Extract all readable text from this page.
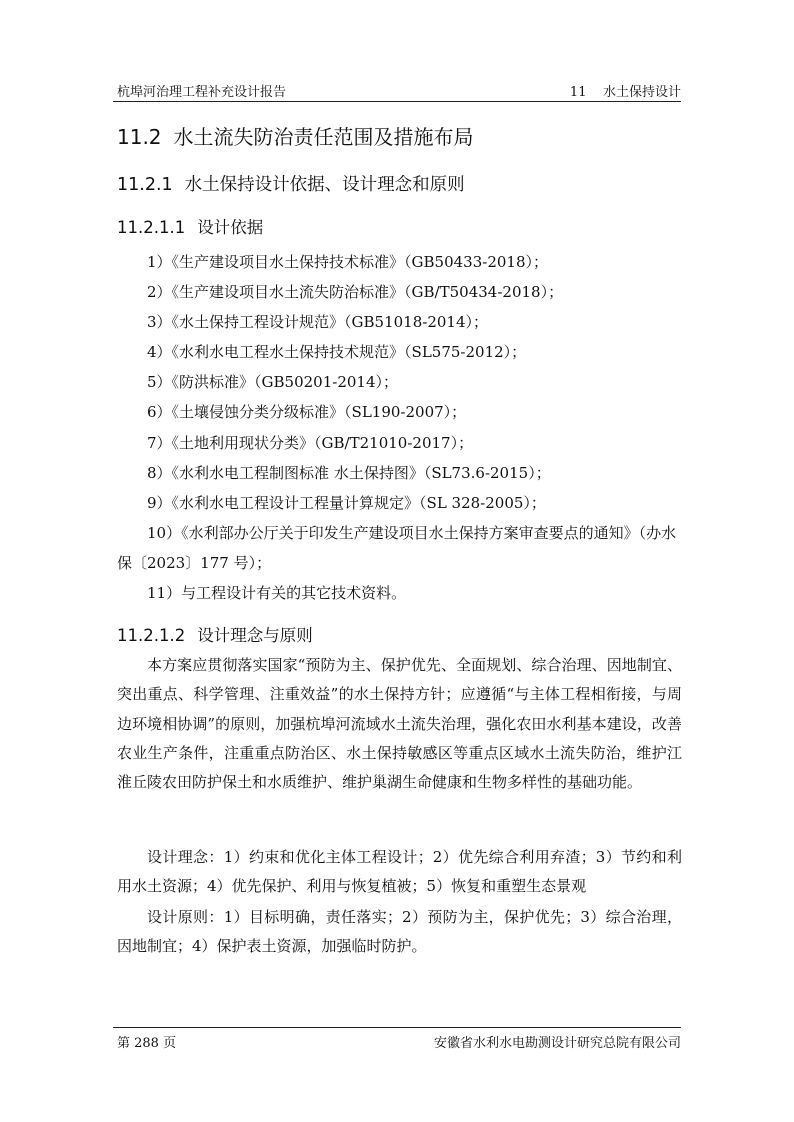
杭埠河治理工程补充设计报告	11    水土保持设计
11.2 水土流失防治责任范围及措施布局
11.2.1 水土保持设计依据、设计理念和原则
11.2.1.1 设计依据
1）《生产建设项目水土保持技术标准》（GB50433-2018）；
2）《生产建设项目水土流失防治标准》（GB/T50434-2018）；
3）《水土保持工程设计规范》（GB51018-2014）；
4）《水利水电工程水土保持技术规范》（SL575-2012）；
5）《防洪标准》（GB50201-2014）；
6）《土壤侵蚀分类分级标准》（SL190-2007）；
7）《土地利用现状分类》（GB/T21010-2017）；
8）《水利水电工程制图标准 水土保持图》（SL73.6-2015）；
9）《水利水电工程设计工程量计算规定》（SL 328-2005）；
10）《水利部办公厅关于印发生产建设项目水土保持方案审查要点的通知》（办水保〔2023〕177 号）；
11）与工程设计有关的其它技术资料。
11.2.1.2 设计理念与原则

本方案应贯彻落实国家“预防为主、保护优先、全面规划、综合治理、因地制宜、突出重点、科学管理、注重效益”的水土保持方针；应遵循“与主体工程相衔接，与周边环境相协调”的原则，加强杭埠河流域水土流失治理，强化农田水利基本建设，改善农业生产条件，注重重点防治区、水土保持敏感区等重点区域水土流失防治，维护江淮丘陵农田防护保土和水质维护、维护巢湖生命健康和生物多样性的基础功能。

设计理念：1）约束和优化主体工程设计；2）优先综合利用弃渣；3）节约和利用水土资源；4）优先保护、利用与恢复植被；5）恢复和重塑生态景观

设计原则：1）目标明确，责任落实；2）预防为主，保护优先；3）综合治理，因地制宜；4）保护表土资源，加强临时防护。

第 288 页	安徽省水利水电勘测设计研究总院有限公司
